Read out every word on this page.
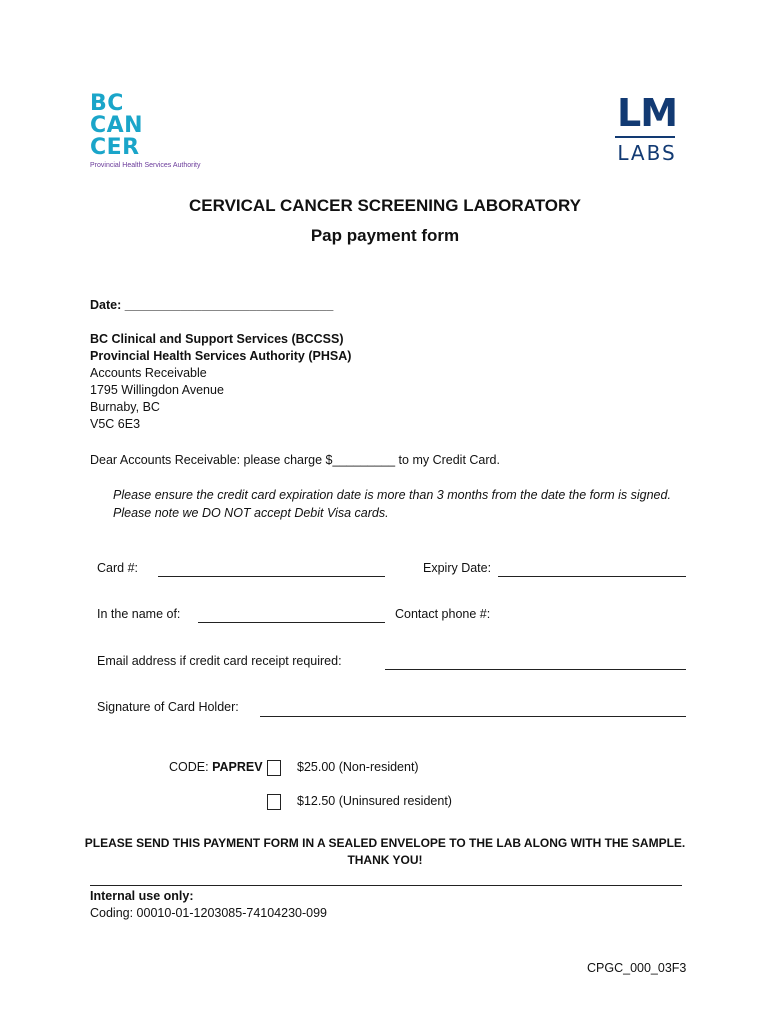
BC
CAN
CER
Provincial Health Services Authority
LM
LABS
CERVICAL CANCER SCREENING LABORATORY
Pap payment form
Date: ______________________________
BC Clinical and Support Services (BCCSS)
Provincial Health Services Authority (PHSA)
Accounts Receivable
1795 Willingdon Avenue
Burnaby, BC
V5C 6E3
Dear Accounts Receivable: please charge $_________ to my Credit Card.
Please ensure the credit card expiration date is more than 3 months from the date the form is signed.
Please note we DO NOT accept Debit Visa cards.
Card #:	Expiry Date:
In the name of:	Contact phone #:
Email address if credit card receipt required:
Signature of Card Holder:
CODE: PAPREV	$25.00 (Non-resident)
$12.50 (Uninsured resident)
PLEASE SEND THIS PAYMENT FORM IN A SEALED ENVELOPE TO THE LAB ALONG WITH THE SAMPLE.
THANK YOU!
Internal use only:
Coding: 00010-01-1203085-74104230-099
CPGC_000_03F3
